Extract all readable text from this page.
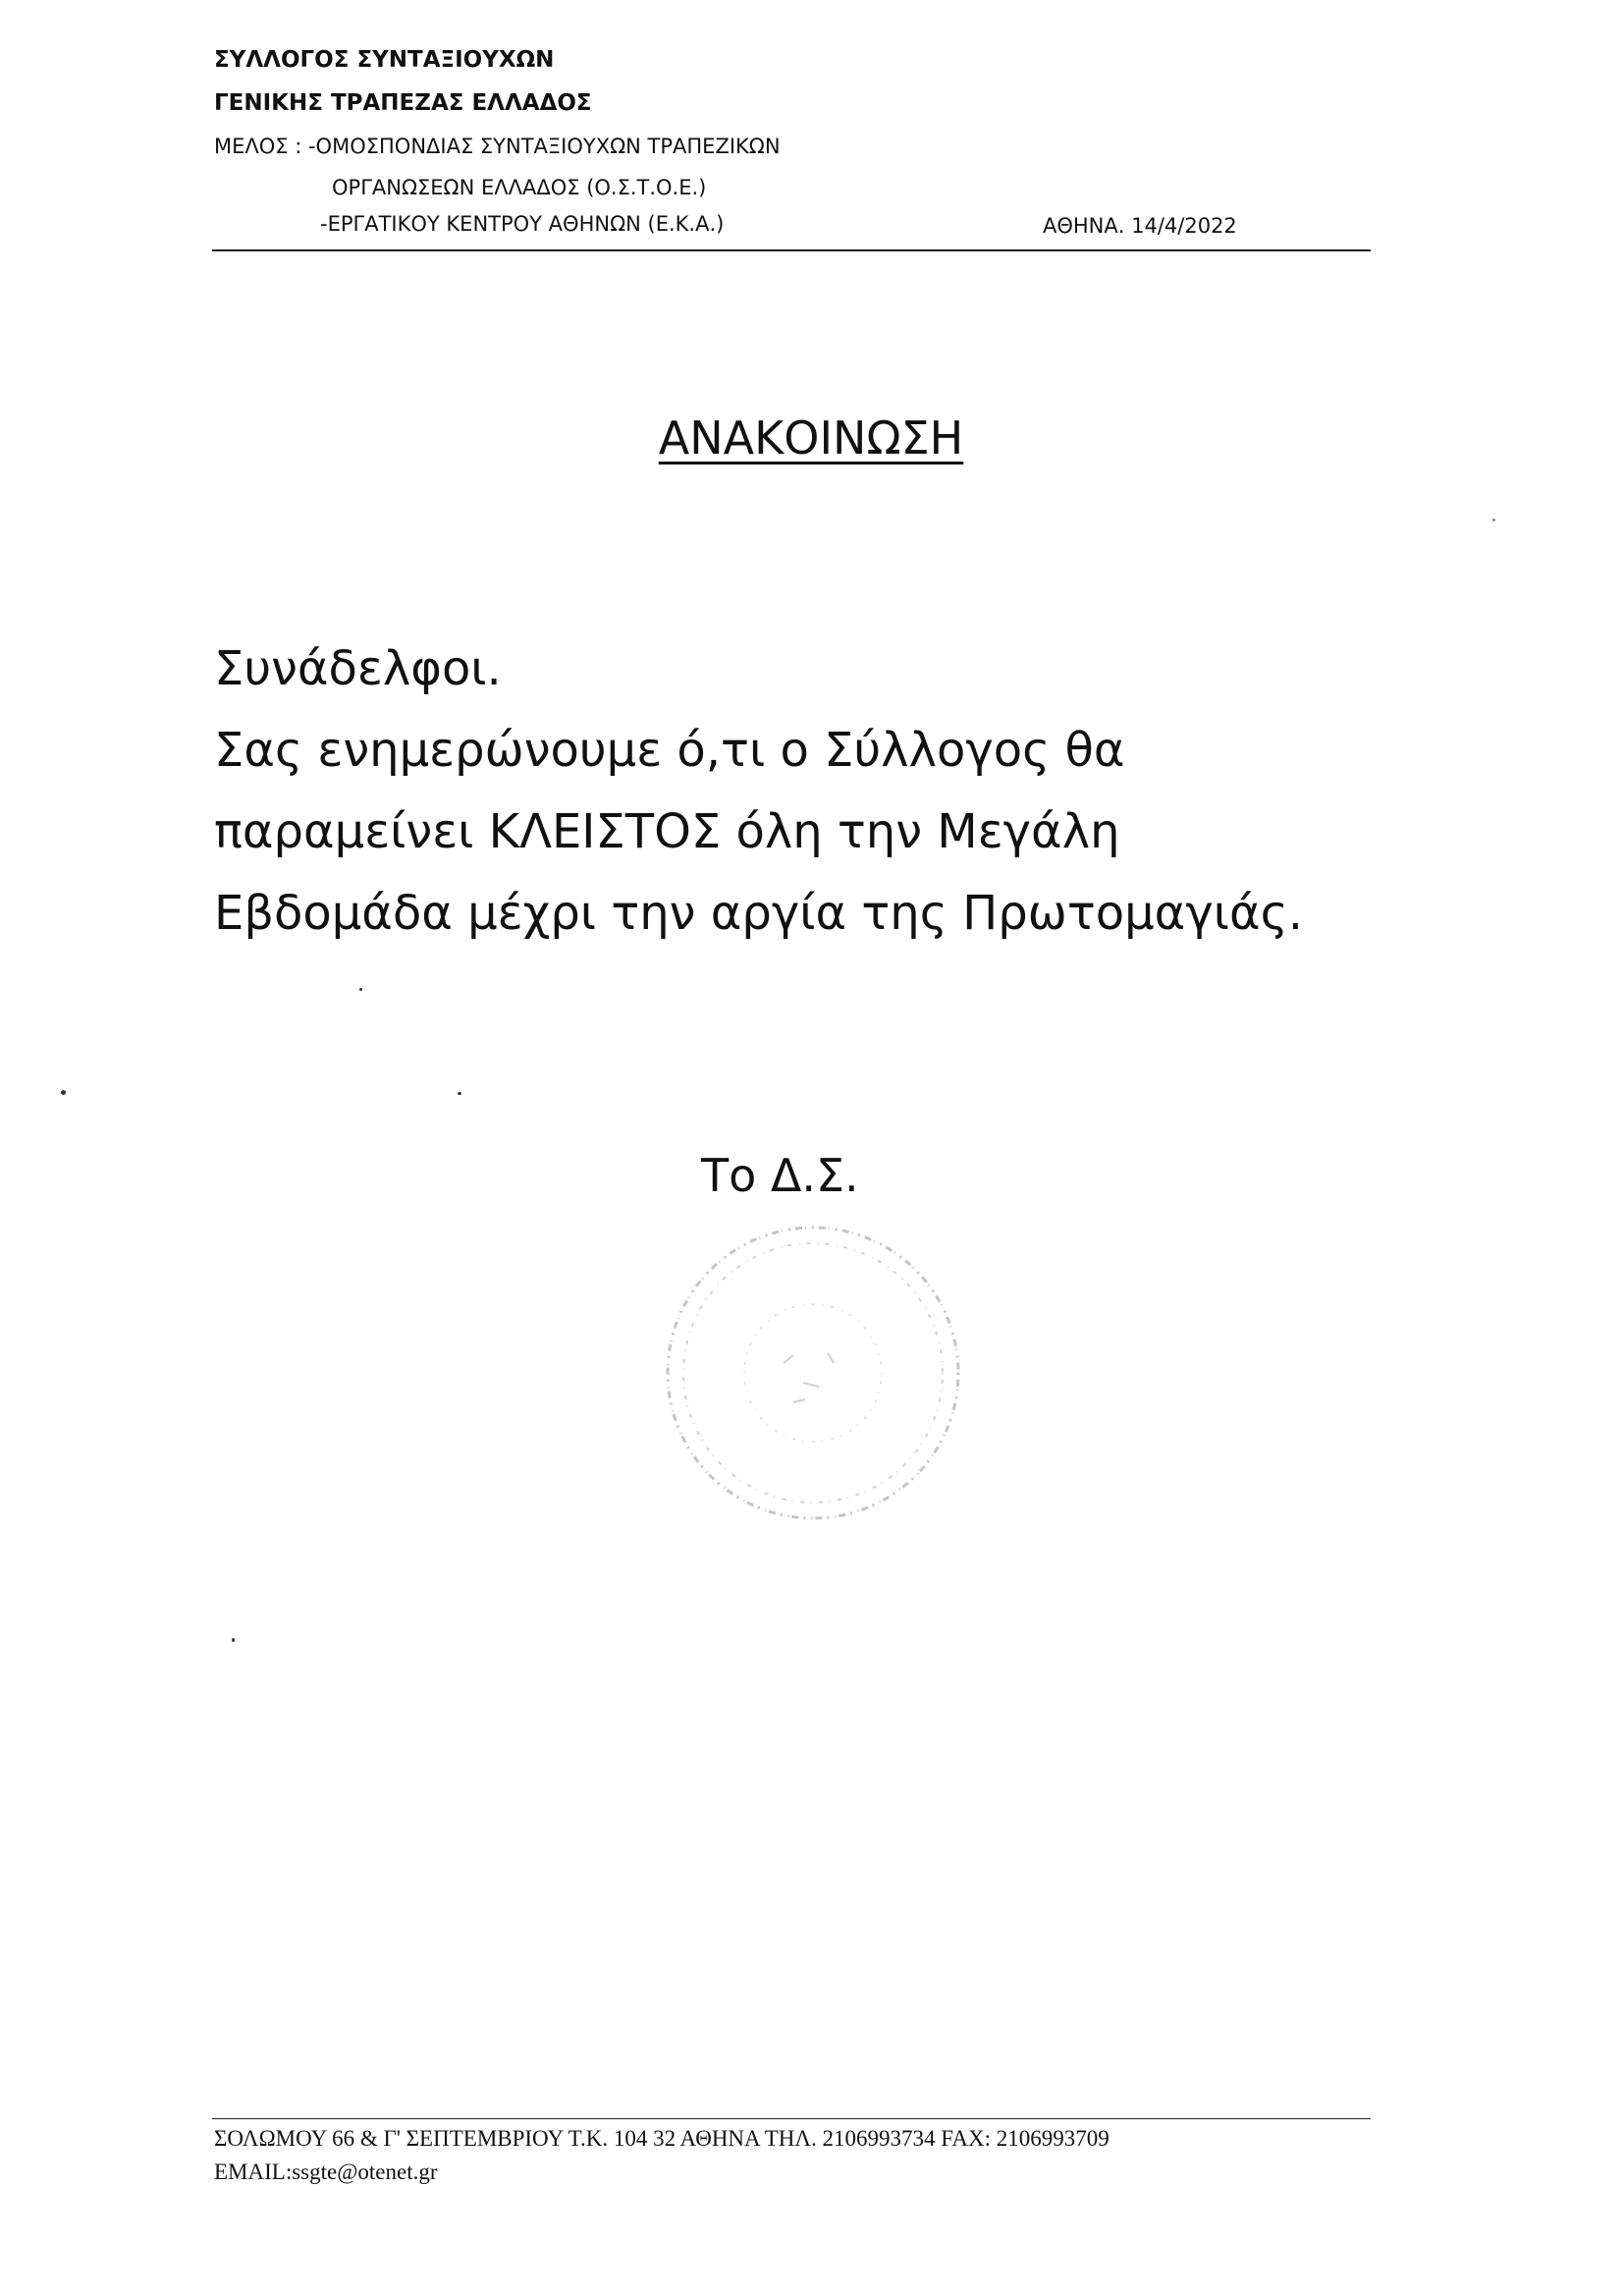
ΣΥΛΛΟΓΟΣ ΣΥΝΤΑΞΙΟΥΧΩΝ
ΓΕΝΙΚΗΣ ΤΡΑΠΕΖΑΣ ΕΛΛΑΔΟΣ
ΜΕΛΟΣ : -ΟΜΟΣΠΟΝΔΙΑΣ ΣΥΝΤΑΞΙΟΥΧΩΝ ΤΡΑΠΕΖΙΚΩΝ
ΟΡΓΑΝΩΣΕΩΝ ΕΛΛΑΔΟΣ (Ο.Σ.Τ.Ο.Ε.)
-ΕΡΓΑΤΙΚΟΥ ΚΕΝΤΡΟΥ ΑΘΗΝΩΝ (Ε.Κ.Α.)	ΑΘΗΝΑ. 14/4/2022
ΑΝΑΚΟΙΝΩΣΗ
Συνάδελφοι.
Σας ενημερώνουμε ό,τι ο Σύλλογος θα
παραμείνει ΚΛΕΙΣΤΟΣ όλη την Μεγάλη
Εβδομάδα μέχρι την αργία της Πρωτομαγιάς.
Το Δ.Σ.
ΣΟΛΩΜΟΥ 66 & Γ' ΣΕΠΤΕΜΒΡΙΟΥ Τ.Κ. 104 32 ΑΘΗΝΑ ΤΗΛ. 2106993734 FAX: 2106993709
EMAIL:ssgte@otenet.gr
